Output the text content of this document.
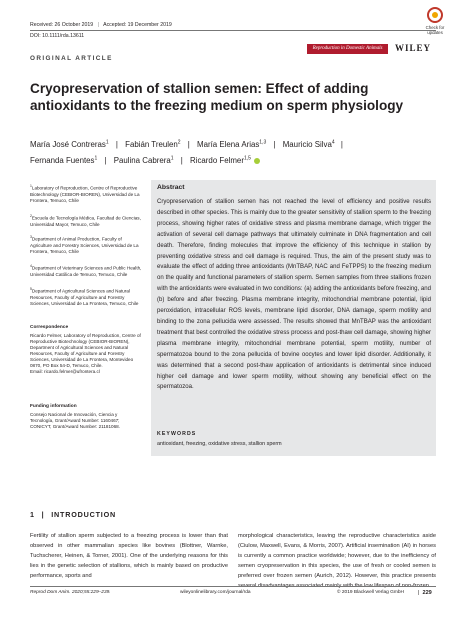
Received: 26 October 2019 | Accepted: 19 December 2019
DOI: 10.1111/rda.13611
Check for updates
Reproduction in Domestic Animals	WILEY
ORIGINAL ARTICLE
Cryopreservation of stallion semen: Effect of adding antioxidants to the freezing medium on sperm physiology
María José Contreras$^1$ | Fabián Treulen$^2$ | María Elena Arias$^{1,3}$ | Mauricio Silva$^4$ |
Fernanda Fuentes$^1$ | Paulina Cabrera$^1$ | Ricardo Felmer$^{1,5}$
$^1$Laboratory of Reproduction, Centre of Reproductive Biotechnology (CEBIOR-BIOREN), Universidad de La Frontera, Temuco, Chile
$^2$Escuela de Tecnología Médica, Facultad de Ciencias, Universidad Mayor, Temuco, Chile
$^3$Department of Animal Production, Faculty of Agriculture and Forestry Sciences, Universidad de La Frontera, Temuco, Chile
$^4$Department of Veterinary Sciences and Public Health, Universidad Católica de Temuco, Temuco, Chile
$^5$Department of Agricultural Sciences and Natural Resources, Faculty of Agriculture and Forestry Sciences, Universidad de La Frontera, Temuco, Chile
Correspondence
Ricardo Felmer, Laboratory of Reproduction, Centre of Reproductive Biotechnology (CEBIOR-BIOREN), Department of Agricultural Sciences and Natural Resources, Faculty of Agriculture and Forestry Sciences, Universidad de La Frontera, Montevideo 0870, PO Box 54-D, Temuco, Chile.
Email: ricardo.felmer@ufrontera.cl
Funding information
Consejo Nacional de Innovación, Ciencia y Tecnología, Grant/Award Number: 1160467; CONICYT, Grant/Award Number: 21181068.
Abstract
Cryopreservation of stallion semen has not reached the level of efficiency and positive results described in other species. This is mainly due to the greater sensitivity of stallion sperm to the freezing process, showing higher rates of oxidative stress and plasma membrane damage, which trigger the activation of several cell damage pathways that ultimately culminate in DNA fragmentation and cell death. Therefore, finding molecules that improve the efficiency of this technique in stallion by preventing oxidative stress and cell damage is required. Thus, the aim of the present study was to evaluate the effect of adding three antioxidants (MnTBAP, NAC and FeTPPS) to the freezing medium on the quality and functional parameters of stallion sperm. Semen samples from three stallions frozen with the antioxidants were evaluated in two conditions: (a) adding the antioxidants before freezing, and (b) before and after freezing. Plasma membrane integrity, mitochondrial membrane potential, lipid peroxidation, intracellular ROS levels, membrane lipid disorder, DNA damage, sperm motility and binding to the zona pellucida were assessed. The results showed that MnTBAP was the antioxidant treatment that best controlled the oxidative stress process and post-thaw cell damage, showing higher plasma membrane integrity, mitochondrial membrane potential, sperm motility, number of spermatozoa bound to the zona pellucida of bovine oocytes and lower lipid disorder. Additionally, it was determined that a second post-thaw application of antioxidants is detrimental since induced higher cell damage and lower sperm motility, without showing any beneficial effect on the spermatozoa.
KEYWORDS
antioxidant, freezing, oxidative stress, stallion sperm
1 | INTRODUCTION
Fertility of stallion sperm subjected to a freezing process is lower than that observed in other mammalian species like bovines (Blottner, Warnke, Tuchscherer, Heinen, & Torner, 2001). One of the underlying reasons for this lies in the genetic selection of stallions, which is mainly based on productive performance, sports and
morphological characteristics, leaving the reproductive characteristics aside (Ciulow, Maxwell, Evans, & Morris, 2007). Artificial insemination (AI) in horses is currently a common practice worldwide; however, due to the inefficiency of semen cryopreservation in this species, the use of fresh or cooled semen is preferred over frozen semen (Aurich, 2012). However, this practice presents several disadvantages associated mainly with the low lifespan of non-frozen
Reprod Dom Anim. 2020;55:229–239.	wileyonlinelibrary.com/journal/rda	© 2019 Blackwell Verlag GmbH	| 229
